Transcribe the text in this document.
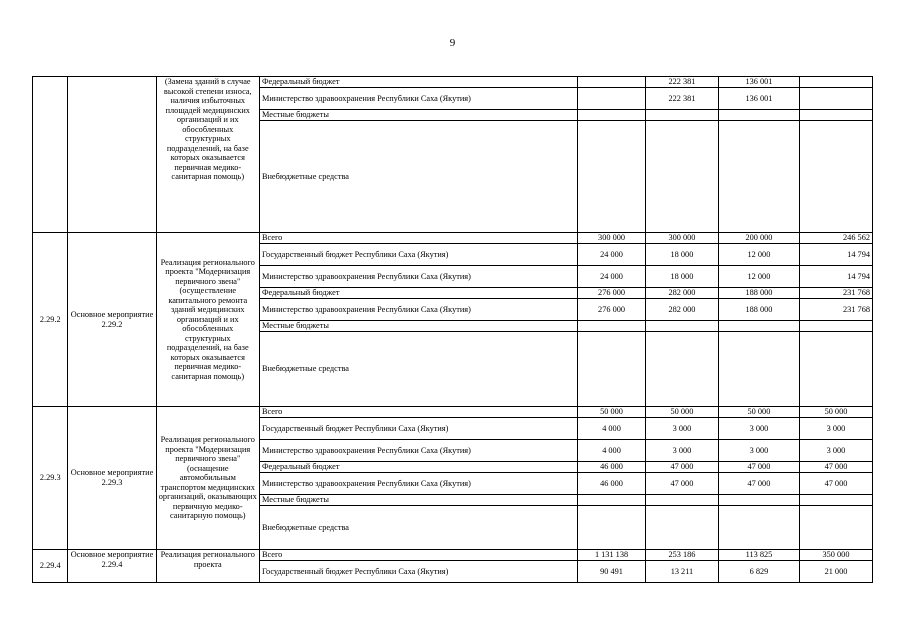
9
		(Замена зданий в случае высокой степени износа, наличия избыточных площадей медицинских организаций и их обособленных структурных подразделений, на базе которых оказывается первичная медико-санитарная помощь)	Федеральный бюджет		222 381	136 001	
			Министерство здравоохранения Республики Саха (Якутия)		222 381	136 001	
			Местные бюджеты				
			Внебюджетные средства				
2.29.2	Основное мероприятие 2.29.2	Реализация регионального проекта "Модернизация первичного звена" (осуществление капитального ремонта зданий медицинских организаций и их обособленных структурных подразделений, на базе которых оказывается первичная медико-санитарная помощь)	Всего	300 000	300 000	200 000	246 562
			Государственный бюджет Республики Саха (Якутия)	24 000	18 000	12 000	14 794
			Министерство здравоохранения Республики Саха (Якутия)	24 000	18 000	12 000	14 794
			Федеральный бюджет	276 000	282 000	188 000	231 768
			Министерство здравоохранения Республики Саха (Якутия)	276 000	282 000	188 000	231 768
			Местные бюджеты				
			Внебюджетные средства				
2.29.3	Основное мероприятие 2.29.3	Реализация регионального проекта "Модернизация первичного звена" (оснащение автомобильным транспортом медицинских организаций, оказывающих первичную медико-санитарную помощь)	Всего	50 000	50 000	50 000	50 000
			Государственный бюджет Республики Саха (Якутия)	4 000	3 000	3 000	3 000
			Министерство здравоохранения Республики Саха (Якутия)	4 000	3 000	3 000	3 000
			Федеральный бюджет	46 000	47 000	47 000	47 000
			Министерство здравоохранения Республики Саха (Якутия)	46 000	47 000	47 000	47 000
			Местные бюджеты				
			Внебюджетные средства				
2.29.4	Основное мероприятие 2.29.4	Реализация регионального проекта	Всего	1 131 138	253 186	113 825	350 000
			Государственный бюджет Республики Саха (Якутия)	90 491	13 211	6 829	21 000
